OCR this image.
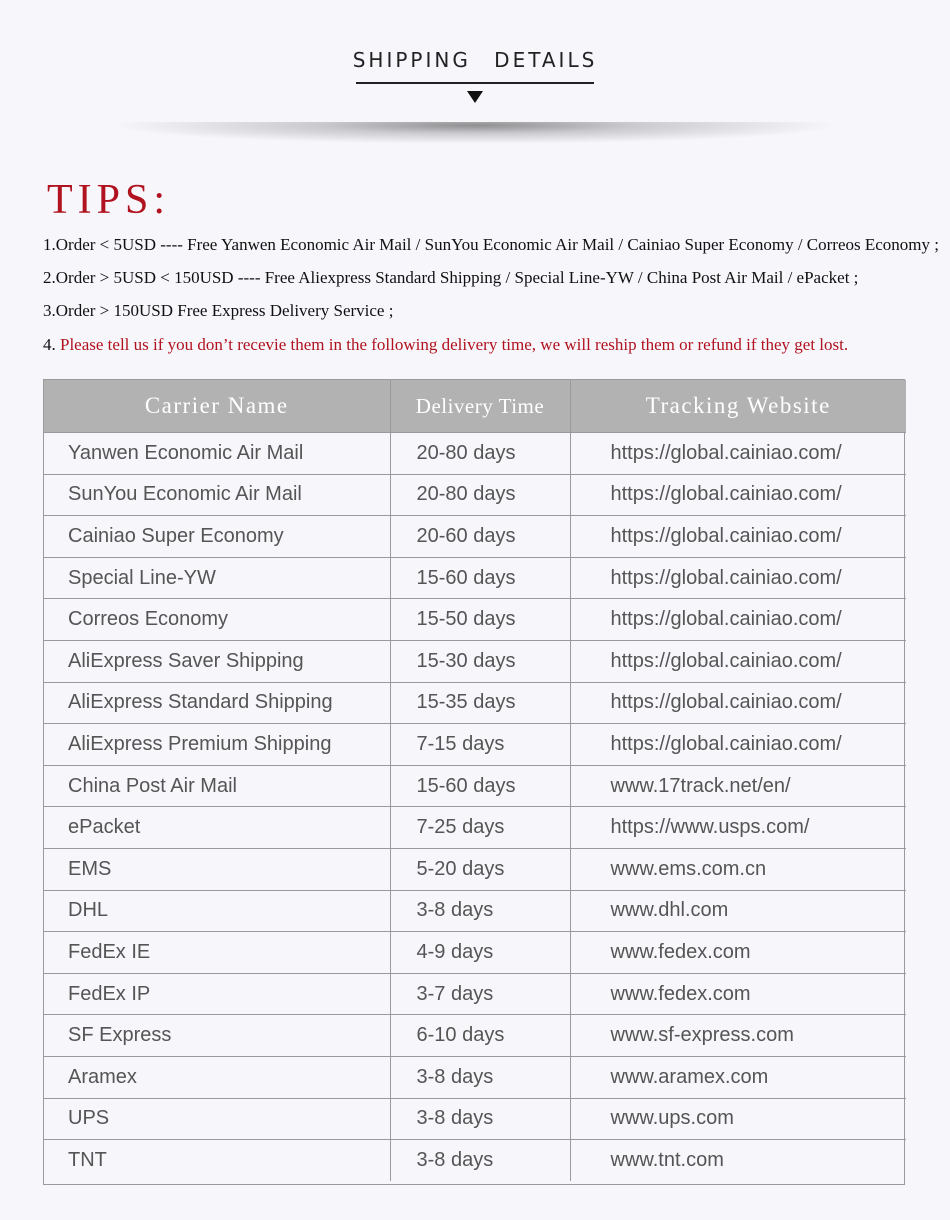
SHIPPING DETAILS
TIPS:
1.Order < 5USD ---- Free Yanwen Economic Air Mail / SunYou Economic Air Mail / Cainiao Super Economy / Correos Economy ;
2.Order > 5USD < 150USD ---- Free Aliexpress Standard Shipping / Special Line-YW / China Post Air Mail / ePacket ;
3.Order > 150USD Free Express Delivery Service ;
4. Please tell us if you don’t recevie them in the following delivery time, we will reship them or refund if they get lost.
Carrier Name	Delivery Time	Tracking Website
Yanwen Economic Air Mail	20-80 days	https://global.cainiao.com/
SunYou Economic Air Mail	20-80 days	https://global.cainiao.com/
Cainiao Super Economy	20-60 days	https://global.cainiao.com/
Special Line-YW	15-60 days	https://global.cainiao.com/
Correos Economy	15-50 days	https://global.cainiao.com/
AliExpress Saver Shipping	15-30 days	https://global.cainiao.com/
AliExpress Standard Shipping	15-35 days	https://global.cainiao.com/
AliExpress Premium Shipping	7-15 days	https://global.cainiao.com/
China Post Air Mail	15-60 days	www.17track.net/en/
ePacket	7-25 days	https://www.usps.com/
EMS	5-20 days	www.ems.com.cn
DHL	3-8 days	www.dhl.com
FedEx IE	4-9 days	www.fedex.com
FedEx IP	3-7 days	www.fedex.com
SF Express	6-10 days	www.sf-express.com
Aramex	3-8 days	www.aramex.com
UPS	3-8 days	www.ups.com
TNT	3-8 days	www.tnt.com
